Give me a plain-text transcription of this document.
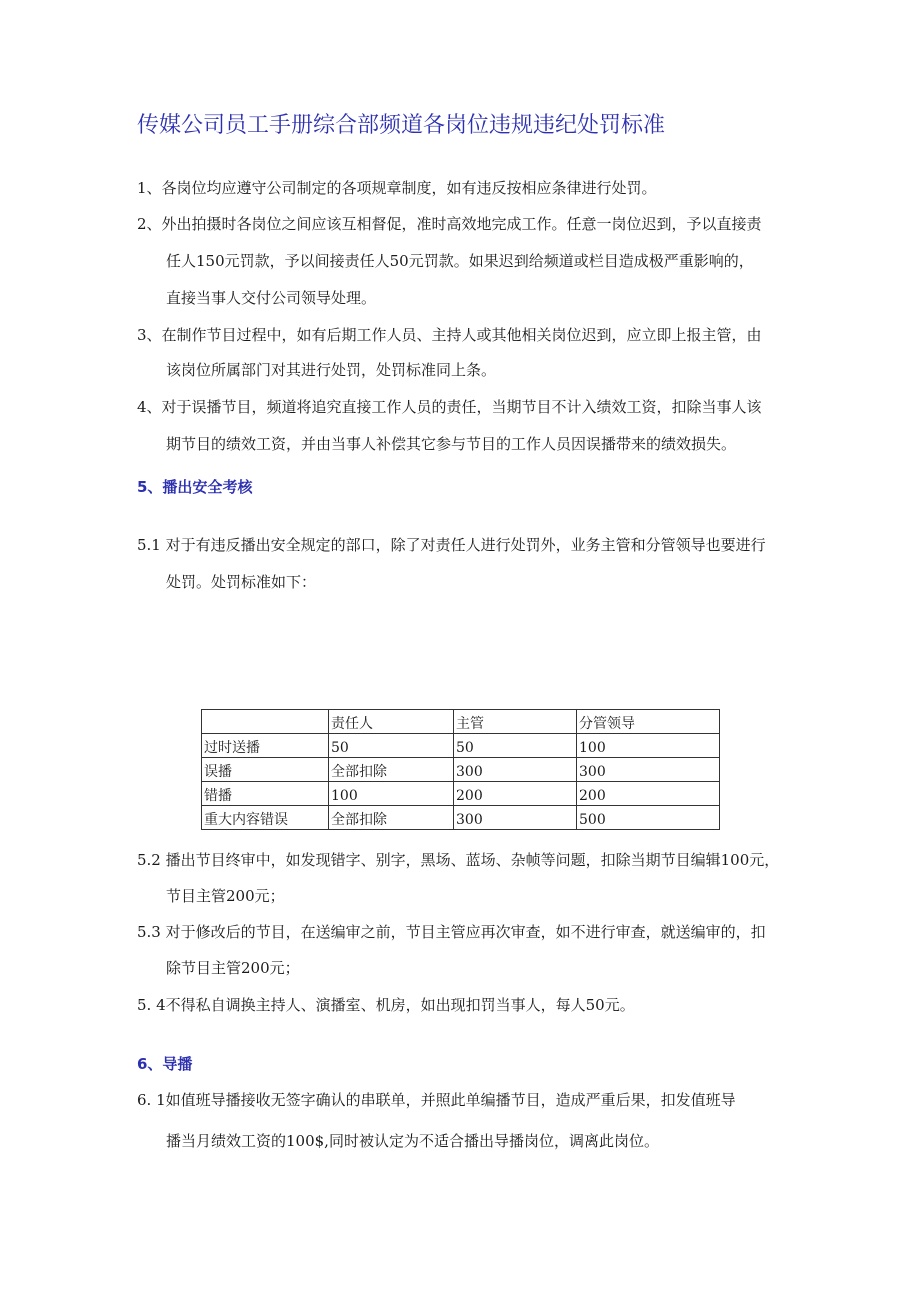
传媒公司员工手册综合部频道各岗位违规违纪处罚标准
1、各岗位均应遵守公司制定的各项规章制度，如有违反按相应条律进行处罚。
2、外出拍摄时各岗位之间应该互相督促，准时高效地完成工作。任意一岗位迟到，予以直接责
任人150元罚款，予以间接责任人50元罚款。如果迟到给频道或栏目造成极严重影响的，
直接当事人交付公司领导处理。
3、在制作节目过程中，如有后期工作人员、主持人或其他相关岗位迟到，应立即上报主管，由
该岗位所属部门对其进行处罚，处罚标准同上条。
4、对于误播节目，频道将追究直接工作人员的责任，当期节目不计入绩效工资，扣除当事人该
期节目的绩效工资，并由当事人补偿其它参与节目的工作人员因误播带来的绩效损失。
5、播出安全考核
5.1 对于有违反播出安全规定的部口，除了对责任人进行处罚外，业务主管和分管领导也要进行
处罚。处罚标准如下：
	责任人	主管	分管领导
过时送播	50	50	100
误播	全部扣除	300	300
错播	100	200	200
重大内容错误	全部扣除	300	500
5.2 播出节目终审中，如发现错字、别字，黑场、蓝场、杂帧等问题，扣除当期节目编辑100元，
节目主管200元；
5.3 对于修改后的节目，在送编审之前，节目主管应再次审查，如不进行审查，就送编审的，扣
除节目主管200元；
5. 4不得私自调换主持人、演播室、机房，如出现扣罚当事人，每人50元。
6、导播
6. 1如值班导播接收无签字确认的串联单，并照此单编播节目，造成严重后果，扣发值班导
播当月绩效工资的100$,同时被认定为不适合播出导播岗位，调离此岗位。
